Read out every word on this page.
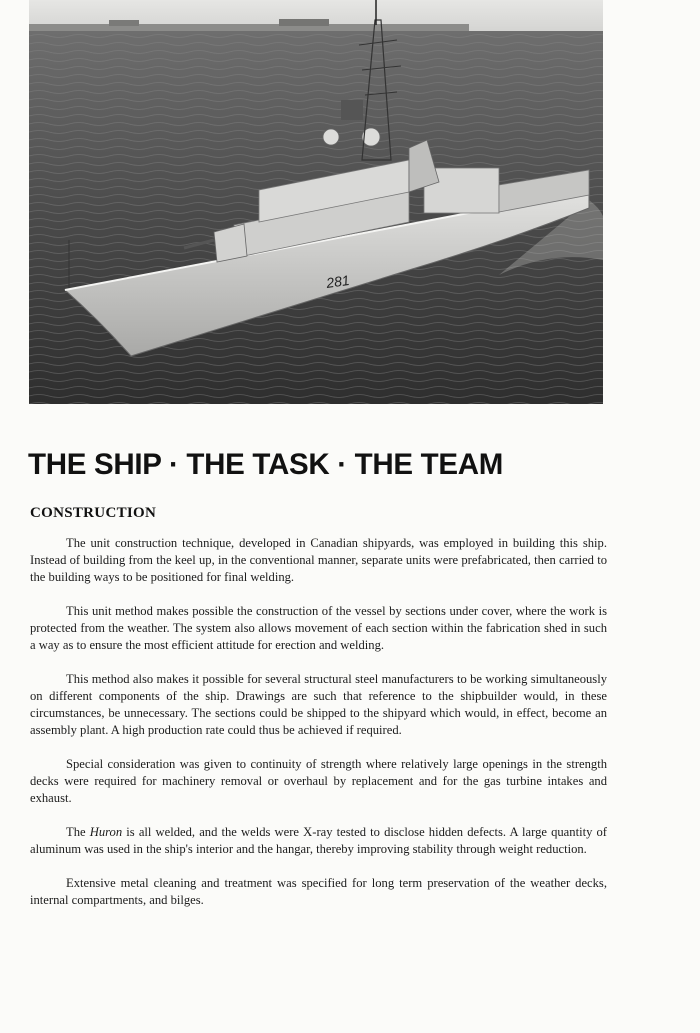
281
THE SHIP · THE TASK · THE TEAM
CONSTRUCTION

The unit construction technique, developed in Canadian shipyards, was employed in building this ship. Instead of building from the keel up, in the conventional manner, separate units were prefabricated, then carried to the building ways to be positioned for final welding.

This unit method makes possible the construction of the vessel by sections under cover, where the work is protected from the weather. The system also allows movement of each section within the fabrication shed in such a way as to ensure the most efficient attitude for erection and welding.

This method also makes it possible for several structural steel manufacturers to be working simultaneously on different components of the ship. Drawings are such that reference to the shipbuilder would, in these circumstances, be unnecessary. The sections could be shipped to the shipyard which would, in effect, become an assembly plant. A high production rate could thus be achieved if required.

Special consideration was given to continuity of strength where relatively large openings in the strength decks were required for machinery removal or overhaul by replacement and for the gas turbine intakes and exhaust.

The Huron is all welded, and the welds were X-ray tested to disclose hidden defects. A large quantity of aluminum was used in the ship's interior and the hangar, thereby improving stability through weight reduction.

Extensive metal cleaning and treatment was specified for long term preservation of the weather decks, internal compartments, and bilges.
